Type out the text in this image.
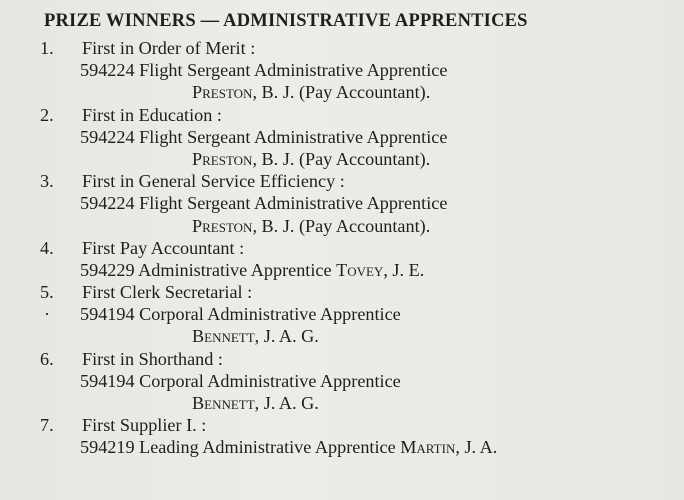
PRIZE WINNERS — ADMINISTRATIVE APPRENTICES
1.	First in Order of Merit :
594224 Flight Sergeant Administrative Apprentice
Preston, B. J. (Pay Accountant).
2.	First in Education :
594224 Flight Sergeant Administrative Apprentice
Preston, B. J. (Pay Accountant).
3.	First in General Service Efficiency :
594224 Flight Sergeant Administrative Apprentice
Preston, B. J. (Pay Accountant).
4.	First Pay Accountant :
594229 Administrative Apprentice Tovey, J. E.
5.	First Clerk Secretarial :
· 594194 Corporal Administrative Apprentice
Bennett, J. A. G.
6.	First in Shorthand :
594194 Corporal Administrative Apprentice
Bennett, J. A. G.
7.	First Supplier I. :
594219 Leading Administrative Apprentice Martin, J. A.
